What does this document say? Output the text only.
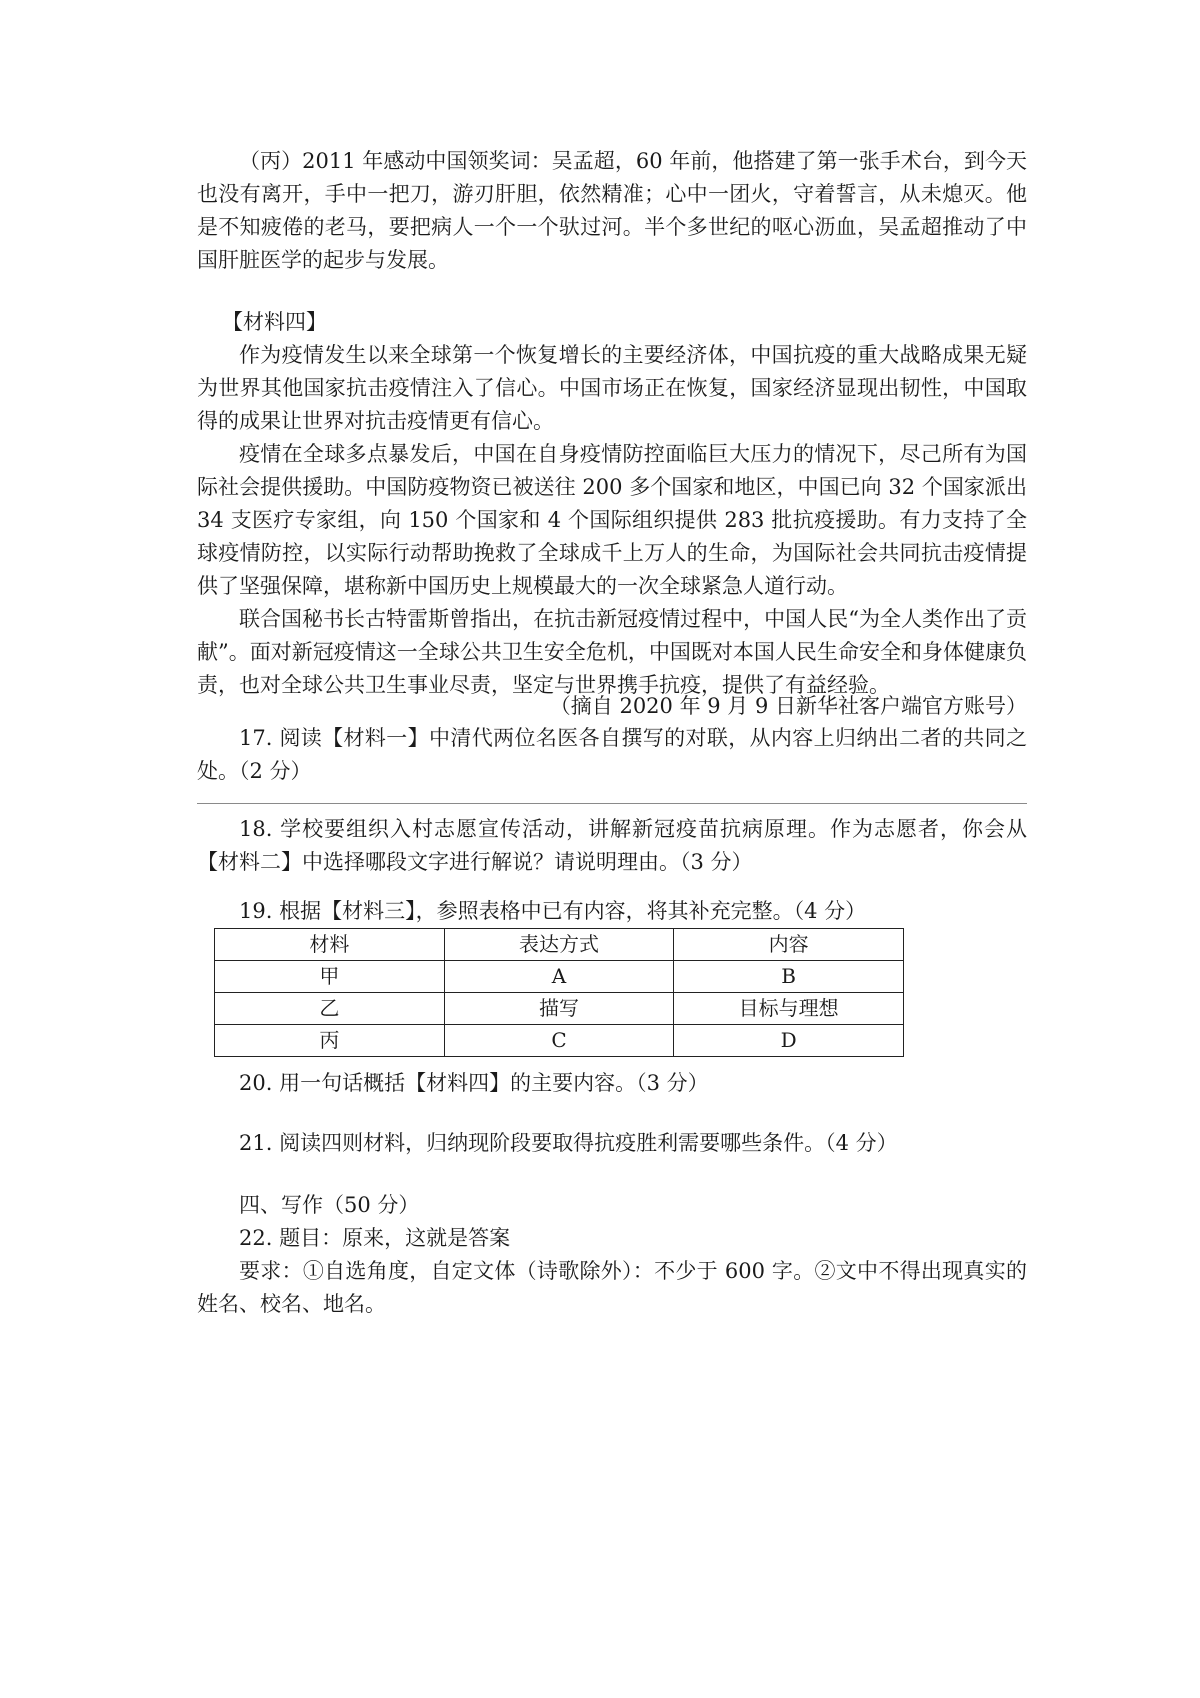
（丙）2011 年感动中国领奖词：吴孟超，60 年前，他搭建了第一张手术台，到今天也没有离开，手中一把刀，游刃肝胆，依然精准；心中一团火，守着誓言，从未熄灭。他是不知疲倦的老马，要把病人一个一个驮过河。半个多世纪的呕心沥血，吴孟超推动了中国肝脏医学的起步与发展。

【材料四】

作为疫情发生以来全球第一个恢复增长的主要经济体，中国抗疫的重大战略成果无疑为世界其他国家抗击疫情注入了信心。中国市场正在恢复，国家经济显现出韧性，中国取得的成果让世界对抗击疫情更有信心。

疫情在全球多点暴发后，中国在自身疫情防控面临巨大压力的情况下，尽己所有为国际社会提供援助。中国防疫物资已被送往 200 多个国家和地区，中国已向 32 个国家派出 34 支医疗专家组，向 150 个国家和 4 个国际组织提供 283 批抗疫援助。有力支持了全球疫情防控，以实际行动帮助挽救了全球成千上万人的生命，为国际社会共同抗击疫情提供了坚强保障，堪称新中国历史上规模最大的一次全球紧急人道行动。

联合国秘书长古特雷斯曾指出，在抗击新冠疫情过程中，中国人民“为全人类作出了贡献”。面对新冠疫情这一全球公共卫生安全危机，中国既对本国人民生命安全和身体健康负责，也对全球公共卫生事业尽责，坚定与世界携手抗疫，提供了有益经验。

（摘自 2020 年 9 月 9 日新华社客户端官方账号）

17. 阅读【材料一】中清代两位名医各自撰写的对联，从内容上归纳出二者的共同之处。（2 分）

18. 学校要组织入村志愿宣传活动，讲解新冠疫苗抗病原理。作为志愿者，你会从【材料二】中选择哪段文字进行解说？请说明理由。（3 分）

19. 根据【材料三】，参照表格中已有内容，将其补充完整。（4 分）

材料	表达方式	内容
甲	A	B
乙	描写	目标与理想
丙	C	D

20. 用一句话概括【材料四】的主要内容。（3 分）

21. 阅读四则材料，归纳现阶段要取得抗疫胜利需要哪些条件。（4 分）

四、写作（50 分）

22. 题目：原来，这就是答案

要求：①自选角度，自定文体（诗歌除外）：不少于 600 字。②文中不得出现真实的姓名、校名、地名。
